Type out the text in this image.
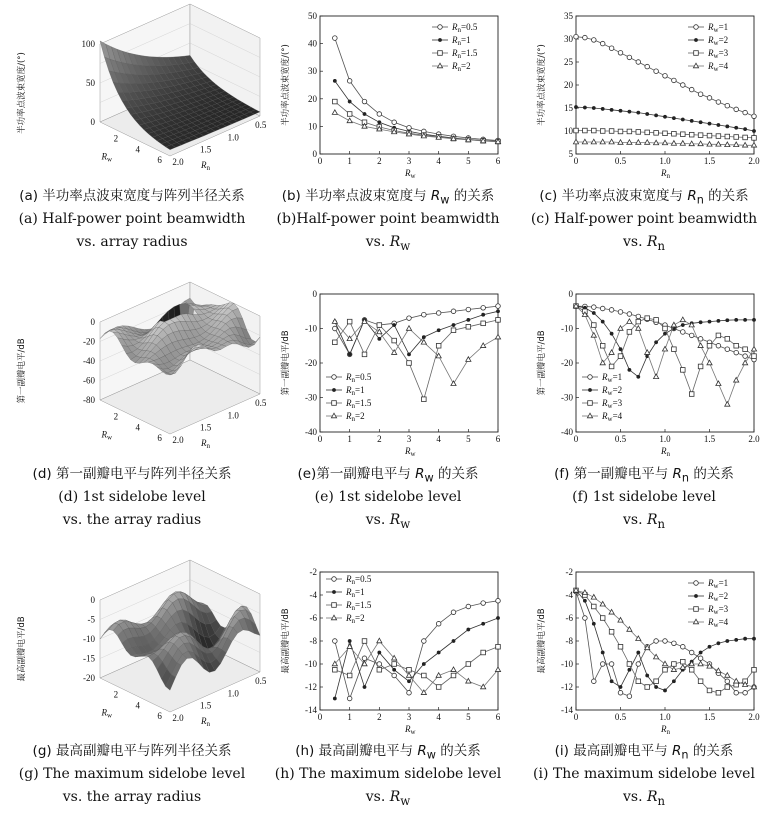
100
50
0
2
4
6
$R_w$	2.0
1.5
1.0
0.5
$R_n$
半功率点波束宽度/(°)
0	1	2	3	4	5	6
0
10
20
30
40
50
$R_w$
半功率点波束宽度/(°)
$R_n=0.5$
$R_n=1$
$R_n=1.5$
$R_n=2$
0	0.5	1.0	1.5	2.0
5
10
15
20
25
30
35
$R_n$
半功率点波束宽度/(°)
$R_w=1$
$R_w=2$
$R_w=3$
$R_w=4$
(a) 半功率点波束宽度与阵列半径关系
(a) Half-power point beamwidth
vs. array radius
(b) 半功率点波束宽度与 $R_w$ 的关系
(b)Half-power point beamwidth
vs. $R_w$
(c) 半功率点波束宽度与 $R_n$ 的关系
(c) Half-power point beamwidth
vs. $R_n$
0
-20
-40
-60
-80
2
4
6
$R_w$	2.0
1.5
1.0
0.5
$R_n$
第一副瓣电平/dB
0	1	2	3	4	5	6
0
-10
-20
-30
-40
$R_w$
第一副瓣电平/dB	$R_n=0.5$
$R_n=1$
$R_n=1.5$
$R_n=2$
0	0.5	1.0	1.5	2.0
0
-10
-20
-30
-40
$R_n$
第一副瓣电平/dB	$R_w=1$
$R_w=2$
$R_w=3$
$R_w=4$
(d) 第一副瓣电平与阵列半径关系
(d) 1st sidelobe level
vs. the array radius
(e)第一副瓣电平与 $R_w$ 的关系
(e) 1st sidelobe level
vs. $R_w$
(f) 第一副瓣电平与 $R_n$ 的关系
(f) 1st sidelobe level
vs. $R_n$
0
-5
-10
-15
-20
2
4
6
$R_w$	2.0
1.5
1.0
0.5
$R_n$
最高副瓣电平/dB
0	1	2	3	4	5	6
-2
-4
-6
-8
-10
-12
-14
$R_w$
最高副瓣电平/dB
$R_n=0.5$
$R_n=1$
$R_n=1.5$
$R_n=2$
0	0.5	1.0	1.5	2.0
-2
-4
-6
-8
-10
-12
-14
$R_n$
最高副瓣电平/dB
$R_w=1$
$R_w=2$
$R_w=3$
$R_w=4$
(g) 最高副瓣电平与阵列半径关系
(g) The maximum sidelobe level
vs. the array radius
(h) 最高副瓣电平与 $R_w$ 的关系
(h) The maximum sidelobe level
vs. $R_w$
(i) 最高副瓣电平与 $R_n$ 的关系
(i) The maximum sidelobe level
vs. $R_n$
